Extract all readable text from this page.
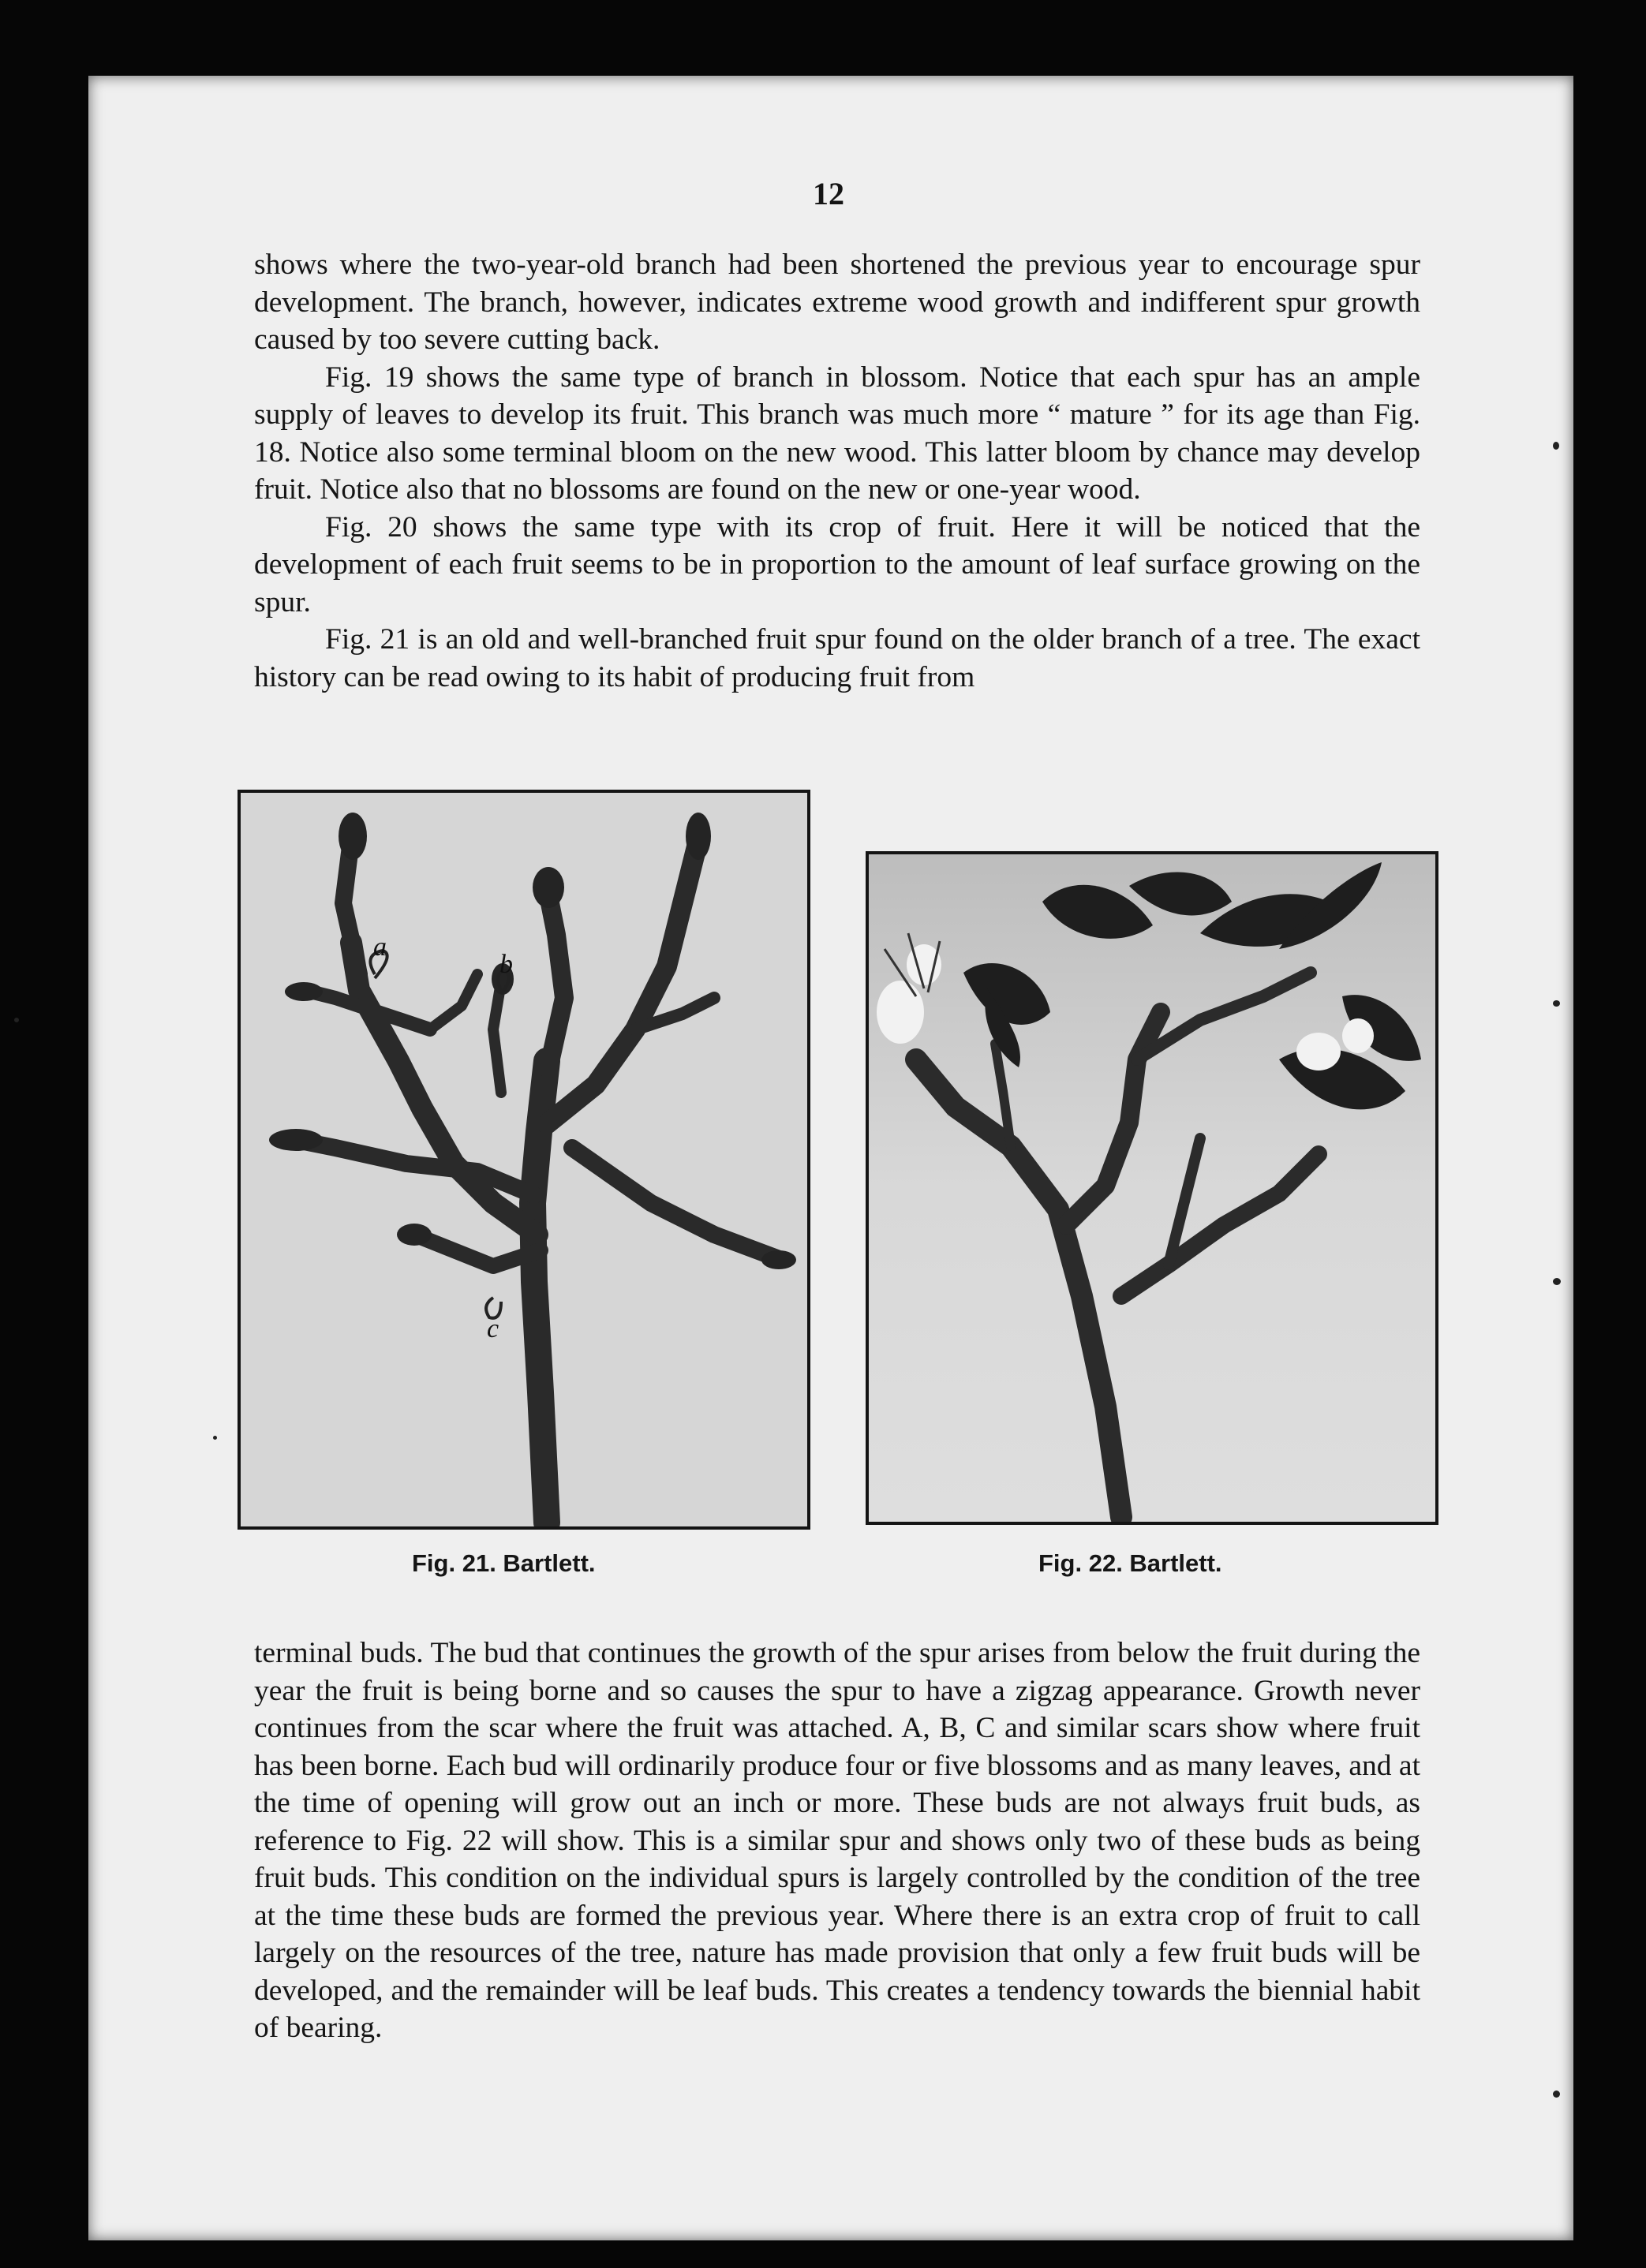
12

shows where the two-year-old branch had been shortened the previous year to encourage spur development. The branch, however, indicates extreme wood growth and indifferent spur growth caused by too severe cutting back.

Fig. 19 shows the same type of branch in blossom. Notice that each spur has an ample supply of leaves to develop its fruit. This branch was much more “ mature ” for its age than Fig. 18. Notice also some terminal bloom on the new wood. This latter bloom by chance may develop fruit. Notice also that no blossoms are found on the new or one-year wood.

Fig. 20 shows the same type with its crop of fruit. Here it will be noticed that the development of each fruit seems to be in proportion to the amount of leaf surface growing on the spur.

Fig. 21 is an old and well-branched fruit spur found on the older branch of a tree. The exact history can be read owing to its habit of producing fruit from

a
b
c
Fig. 21. Bartlett.	Fig. 22. Bartlett.

terminal buds. The bud that continues the growth of the spur arises from below the fruit during the year the fruit is being borne and so causes the spur to have a zigzag appearance. Growth never continues from the scar where the fruit was attached. A, B, C and similar scars show where fruit has been borne. Each bud will ordinarily produce four or five blossoms and as many leaves, and at the time of opening will grow out an inch or more. These buds are not always fruit buds, as reference to Fig. 22 will show. This is a similar spur and shows only two of these buds as being fruit buds. This condition on the individual spurs is largely controlled by the condition of the tree at the time these buds are formed the previous year. Where there is an extra crop of fruit to call largely on the resources of the tree, nature has made provision that only a few fruit buds will be developed, and the remainder will be leaf buds. This creates a tendency towards the biennial habit of bearing.
